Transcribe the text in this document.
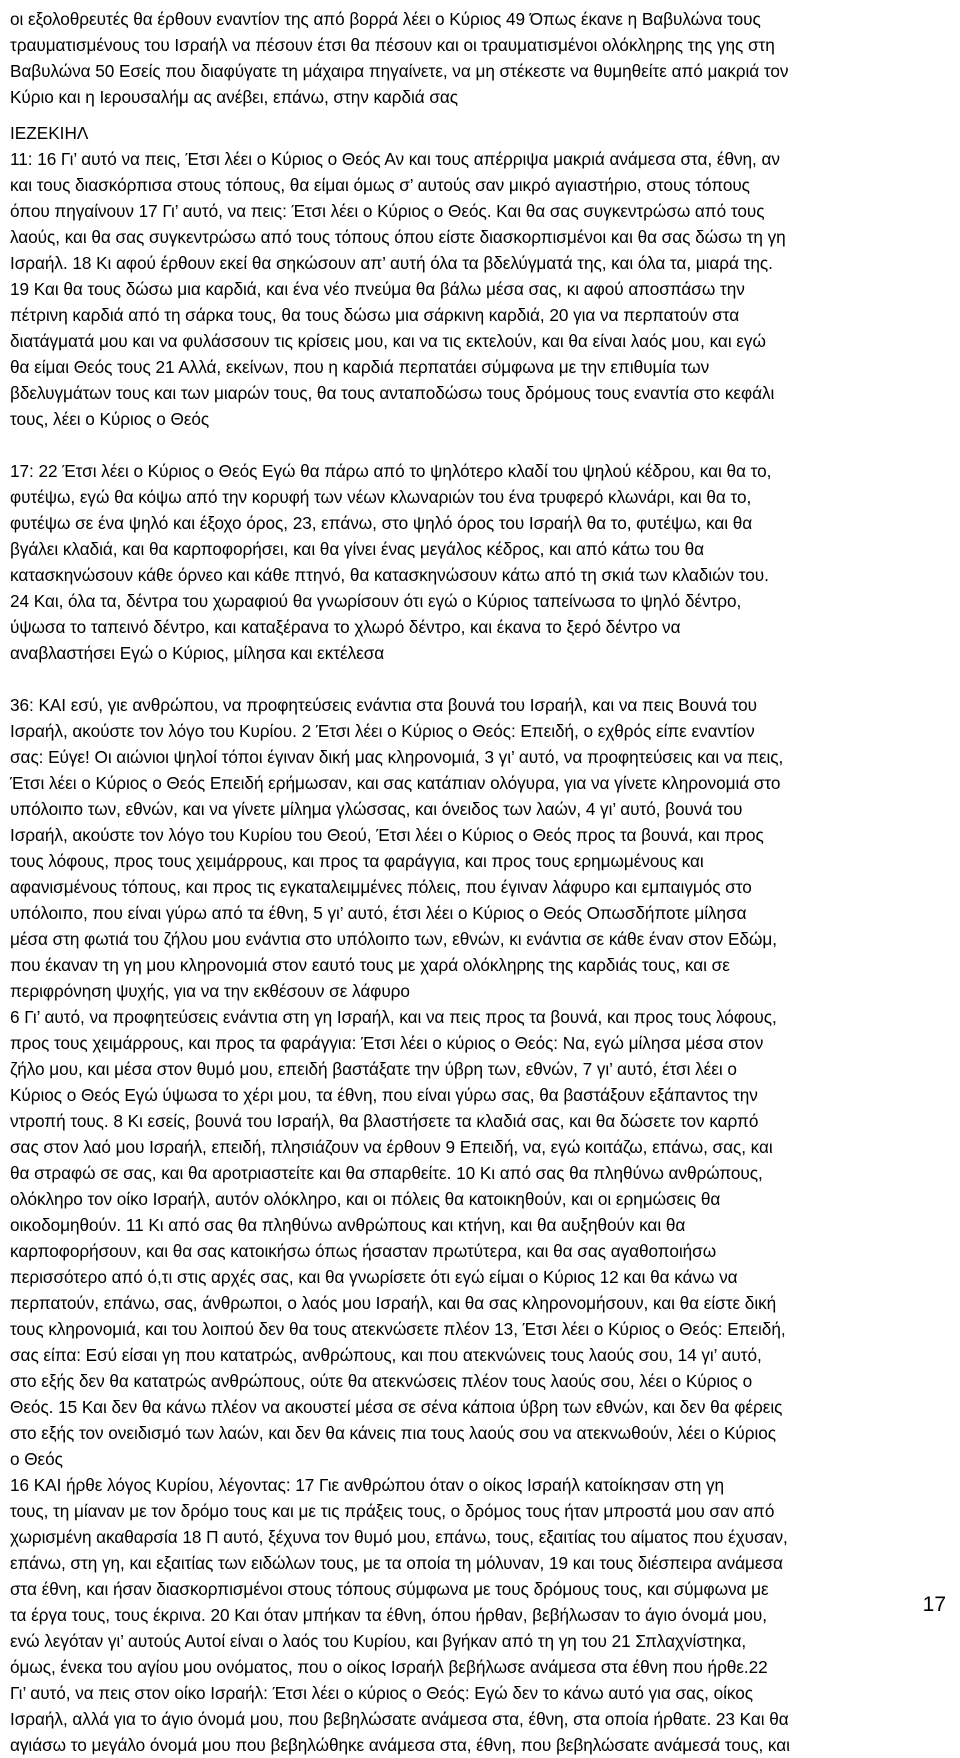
οι εξολοθρευτές θα έρθουν εναντίον της από βορρά λέει ο Κύριος 49 Όπως έκανε η Βαβυλώνα τους
τραυματισμένους του Ισραήλ να πέσουν έτσι θα πέσουν και οι τραυματισμένοι ολόκληρης της γης στη
Βαβυλώνα 50 Εσείς που διαφύγατε τη μάχαιρα πηγαίνετε, να μη στέκεστε να θυμηθείτε από μακριά τον
Κύριο και η Ιερουσαλήμ ας ανέβει, επάνω, στην καρδιά σας
ΙΕΖΕΚΙΗΛ
11: 16 Γι’ αυτό να πεις, Έτσι λέει ο Κύριος ο Θεός Αν και τους απέρριψα μακριά ανάμεσα στα, έθνη, αν
και τους διασκόρπισα στους τόπους, θα είμαι όμως σ’ αυτούς σαν μικρό αγιαστήριο, στους τόπους
όπου πηγαίνουν 17 Γι’ αυτό, να πεις: Έτσι λέει ο Κύριος ο Θεός. Και θα σας συγκεντρώσω από τους
λαούς, και θα σας συγκεντρώσω από τους τόπους όπου είστε διασκορπισμένοι και θα σας δώσω τη γη
Ισραήλ. 18 Κι αφού έρθουν εκεί θα σηκώσουν απ’ αυτή όλα τα βδελύγματά της, και όλα τα, μιαρά της.
19 Και θα τους δώσω μια καρδιά, και ένα νέο πνεύμα θα βάλω μέσα σας, κι αφού αποσπάσω την
πέτρινη καρδιά από τη σάρκα τους, θα τους δώσω μια σάρκινη καρδιά, 20 για να περπατούν στα
διατάγματά μου και να φυλάσσουν τις κρίσεις μου, και να τις εκτελούν, και θα είναι λαός μου, και εγώ
θα είμαι Θεός τους 21 Αλλά, εκείνων, που η καρδιά περπατάει σύμφωνα με την επιθυμία των
βδελυγμάτων τους και των μιαρών τους, θα τους ανταποδώσω τους δρόμους τους εναντία στο κεφάλι
τους, λέει ο Κύριος ο Θεός
17: 22 Έτσι λέει ο Κύριος ο Θεός Εγώ θα πάρω από το ψηλότερο κλαδί του ψηλού κέδρου, και θα το,
φυτέψω, εγώ θα κόψω από την κορυφή των νέων κλωναριών του ένα τρυφερό κλωνάρι, και θα το,
φυτέψω σε ένα ψηλό και έξοχο όρος, 23, επάνω, στο ψηλό όρος του Ισραήλ θα το, φυτέψω, και θα
βγάλει κλαδιά, και θα καρποφορήσει, και θα γίνει ένας μεγάλος κέδρος, και από κάτω του θα
κατασκηνώσουν κάθε όρνεο και κάθε πτηνό, θα κατασκηνώσουν κάτω από τη σκιά των κλαδιών του.
24 Και, όλα τα, δέντρα του χωραφιού θα γνωρίσουν ότι εγώ ο Κύριος ταπείνωσα το ψηλό δέντρο,
ύψωσα το ταπεινό δέντρο, και καταξέρανα το χλωρό δέντρο, και έκανα το ξερό δέντρο να
αναβλαστήσει Εγώ ο Κύριος, μίλησα και εκτέλεσα
36: ΚΑΙ εσύ, γιε ανθρώπου, να προφητεύσεις ενάντια στα βουνά του Ισραήλ, και να πεις Βουνά του
Ισραήλ, ακούστε τον λόγο του Κυρίου. 2 Έτσι λέει ο Κύριος ο Θεός: Επειδή, ο εχθρός είπε εναντίον
σας: Εύγε! Οι αιώνιοι ψηλοί τόποι έγιναν δική μας κληρονομιά, 3 γι’ αυτό, να προφητεύσεις και να πεις,
Έτσι λέει ο Κύριος ο Θεός Επειδή ερήμωσαν, και σας κατάπιαν ολόγυρα, για να γίνετε κληρονομιά στο
υπόλοιπο των, εθνών, και να γίνετε μίλημα γλώσσας, και όνειδος των λαών, 4 γι’ αυτό, βουνά του
Ισραήλ, ακούστε τον λόγο του Κυρίου του Θεού, Έτσι λέει ο Κύριος ο Θεός προς τα βουνά, και προς
τους λόφους, προς τους χειμάρρους, και προς τα φαράγγια, και προς τους ερημωμένους και
αφανισμένους τόπους, και προς τις εγκαταλειμμένες πόλεις, που έγιναν λάφυρο και εμπαιγμός στο
υπόλοιπο, που είναι γύρω από τα έθνη, 5 γι’ αυτό, έτσι λέει ο Κύριος ο Θεός Οπωσδήποτε μίλησα
μέσα στη φωτιά του ζήλου μου ενάντια στο υπόλοιπο των, εθνών, κι ενάντια σε κάθε έναν στον Εδώμ,
που έκαναν τη γη μου κληρονομιά στον εαυτό τους με χαρά ολόκληρης της καρδιάς τους, και σε
περιφρόνηση ψυχής, για να την εκθέσουν σε λάφυρο
6 Γι’ αυτό, να προφητεύσεις ενάντια στη γη Ισραήλ, και να πεις προς τα βουνά, και προς τους λόφους,
προς τους χειμάρρους, και προς τα φαράγγια: Έτσι λέει ο κύριος ο Θεός: Να, εγώ μίλησα μέσα στον
ζήλο μου, και μέσα στον θυμό μου, επειδή βαστάξατε την ύβρη των, εθνών, 7 γι’ αυτό, έτσι λέει ο
Κύριος ο Θεός Εγώ ύψωσα το χέρι μου, τα έθνη, που είναι γύρω σας, θα βαστάξουν εξάπαντος την
ντροπή τους. 8 Κι εσείς, βουνά του Ισραήλ, θα βλαστήσετε τα κλαδιά σας, και θα δώσετε τον καρπό
σας στον λαό μου Ισραήλ, επειδή, πλησιάζουν να έρθουν 9 Επειδή, να, εγώ κοιτάζω, επάνω, σας, και
θα στραφώ σε σας, και θα αροτριαστείτε και θα σπαρθείτε. 10 Κι από σας θα πληθύνω ανθρώπους,
ολόκληρο τον οίκο Ισραήλ, αυτόν ολόκληρο, και οι πόλεις θα κατοικηθούν, και οι ερημώσεις θα
οικοδομηθούν. 11 Κι από σας θα πληθύνω ανθρώπους και κτήνη, και θα αυξηθούν και θα
καρποφορήσουν, και θα σας κατοικήσω όπως ήσασταν πρωτύτερα, και θα σας αγαθοποιήσω
περισσότερο από ό,τι στις αρχές σας, και θα γνωρίσετε ότι εγώ είμαι ο Κύριος 12 και θα κάνω να
περπατούν, επάνω, σας, άνθρωποι, ο λαός μου Ισραήλ, και θα σας κληρονομήσουν, και θα είστε δική
τους κληρονομιά, και του λοιπού δεν θα τους ατεκνώσετε πλέον 13, Έτσι λέει ο Κύριος ο Θεός: Επειδή,
σας είπα: Εσύ είσαι γη που κατατρώς, ανθρώπους, και που ατεκνώνεις τους λαούς σου, 14 γι’ αυτό,
στο εξής δεν θα κατατρώς ανθρώπους, ούτε θα ατεκνώσεις πλέον τους λαούς σου, λέει ο Κύριος ο
Θεός. 15 Και δεν θα κάνω πλέον να ακουστεί μέσα σε σένα κάποια ύβρη των εθνών, και δεν θα φέρεις
στο εξής τον ονειδισμό των λαών, και δεν θα κάνεις πια τους λαούς σου να ατεκνωθούν, λέει ο Κύριος
ο Θεός
16 ΚΑΙ ήρθε λόγος Κυρίου, λέγοντας: 17 Γιε ανθρώπου όταν ο οίκος Ισραήλ κατοίκησαν στη γη
τους, τη μίαναν με τον δρόμο τους και με τις πράξεις τους, ο δρόμος τους ήταν μπροστά μου σαν από
χωρισμένη ακαθαρσία 18 Π αυτό, ξέχυνα τον θυμό μου, επάνω, τους, εξαιτίας του αίματος που έχυσαν,
επάνω, στη γη, και εξαιτίας των ειδώλων τους, με τα οποία τη μόλυναν, 19 και τους διέσπειρα ανάμεσα
στα έθνη, και ήσαν διασκορπισμένοι στους τόπους σύμφωνα με τους δρόμους τους, και σύμφωνα με
τα έργα τους, τους έκρινα. 20 Και όταν μπήκαν τα έθνη, όπου ήρθαν, βεβήλωσαν το άγιο όνομά μου,
ενώ λεγόταν γι’ αυτούς Αυτοί είναι ο λαός του Κυρίου, και βγήκαν από τη γη του 21 Σπλαχνίστηκα,
όμως, ένεκα του αγίου μου ονόματος, που ο οίκος Ισραήλ βεβήλωσε ανάμεσα στα έθνη που ήρθε.22
Γι’ αυτό, να πεις στον οίκο Ισραήλ: Έτσι λέει ο κύριος ο Θεός: Εγώ δεν το κάνω αυτό για σας, οίκος
Ισραήλ, αλλά για το άγιο όνομά μου, που βεβηλώσατε ανάμεσα στα, έθνη, στα οποία ήρθατε. 23 Και θα
αγιάσω το μεγάλο όνομά μου που βεβηλώθηκε ανάμεσα στα, έθνη, που βεβηλώσατε ανάμεσά τους, και
17
